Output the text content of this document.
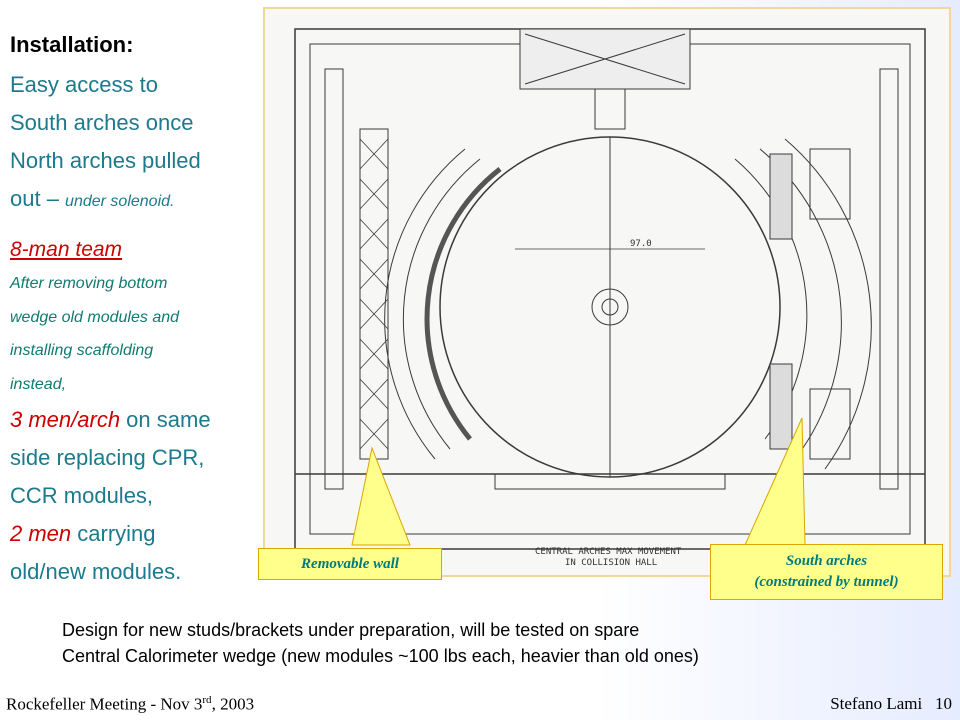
Installation:
Easy access to
South arches once
North arches pulled
out – under solenoid.
8-man team
After removing bottom
wedge old modules and
installing scaffolding
instead,
3 men/arch on same
side replacing CPR,
CCR modules,
2 men carrying
old/new modules.
97.0
CENTRAL ARCHES MAX MOVEMENT
IN COLLISION HALL
Removable wall	South arches
(constrained by tunnel)
Design for new studs/brackets under preparation, will be tested on spare
Central Calorimeter wedge (new modules ~100 lbs each, heavier than old ones)
Rockefeller Meeting - Nov 3rd, 2003	Stefano Lami 10
